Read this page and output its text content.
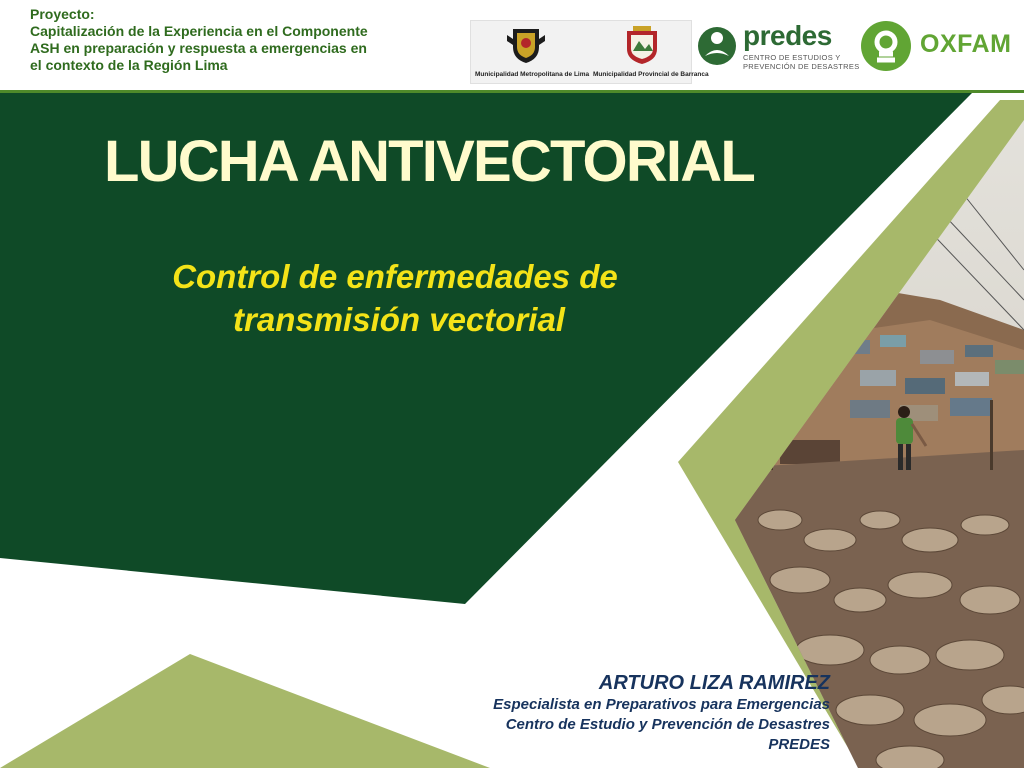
Proyecto:
Capitalización de la Experiencia en el Componente
ASH en preparación y respuesta a emergencias en
el contexto de la Región Lima
Municipalidad Metropolitana de Lima Municipalidad Provincial de Barranca
predes
CENTRO DE ESTUDIOS Y
PREVENCIÓN DE DESASTRES
OXFAM
LUCHA ANTIVECTORIAL
Control de enfermedades de
transmisión vectorial
ARTURO LIZA RAMIREZ
Especialista en Preparativos para Emergencias
Centro de Estudio y Prevención de Desastres
PREDES
